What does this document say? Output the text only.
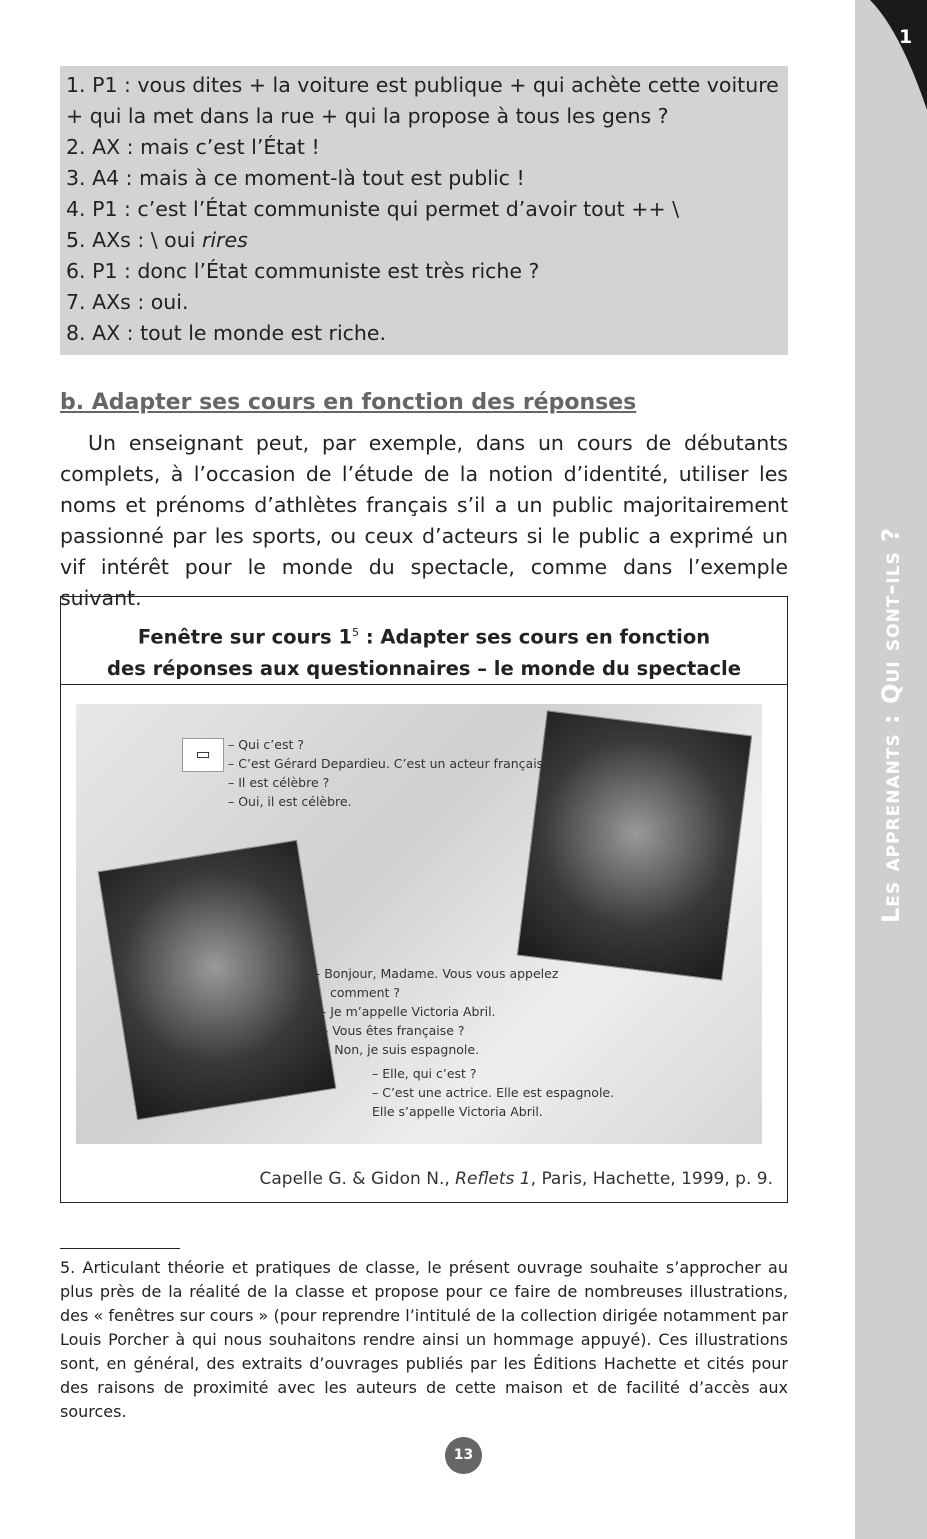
1
Les apprenants : Qui sont-ils ?
1. P1 : vous dites + la voiture est publique + qui achète cette voiture + qui la met dans la rue + qui la propose à tous les gens ?
2. AX : mais c’est l’État !
3. A4 : mais à ce moment-là tout est public !
4. P1 : c’est l’État communiste qui permet d’avoir tout ++ \
5. AXs : \ oui rires
6. P1 : donc l’État communiste est très riche ?
7. AXs : oui.
8. AX : tout le monde est riche.
b. Adapter ses cours en fonction des réponses
Un enseignant peut, par exemple, dans un cours de débutants complets, à l’occasion de l’étude de la notion d’identité, utiliser les noms et prénoms d’athlètes français s’il a un public majoritairement passionné par les sports, ou ceux d’acteurs si le public a exprimé un vif intérêt pour le monde du spectacle, comme dans l’exemple suivant.
Fenêtre sur cours $1^5$ : Adapter ses cours en fonction
des réponses aux questionnaires – le monde du spectacle
▭	– Qui c’est ?
– C’est Gérard Depardieu. C’est un acteur français.
– Il est célèbre ?
– Oui, il est célèbre.
– Bonjour, Madame. Vous vous appelez
comment ?
– Je m’appelle Victoria Abril.
– Vous êtes française ?
– Non, je suis espagnole.
– Elle, qui c’est ?
– C’est une actrice. Elle est espagnole.
Elle s’appelle Victoria Abril.
Capelle G. & Gidon N., Reflets 1, Paris, Hachette, 1999, p. 9.
5. Articulant théorie et pratiques de classe, le présent ouvrage souhaite s’approcher au plus près de la réalité de la classe et propose pour ce faire de nombreuses illustrations, des « fenêtres sur cours » (pour reprendre l’intitulé de la collection dirigée notamment par Louis Porcher à qui nous souhaitons rendre ainsi un hommage appuyé). Ces illustrations sont, en général, des extraits d’ouvrages publiés par les Éditions Hachette et cités pour des raisons de proximité avec les auteurs de cette maison et de facilité d’accès aux sources.
13
